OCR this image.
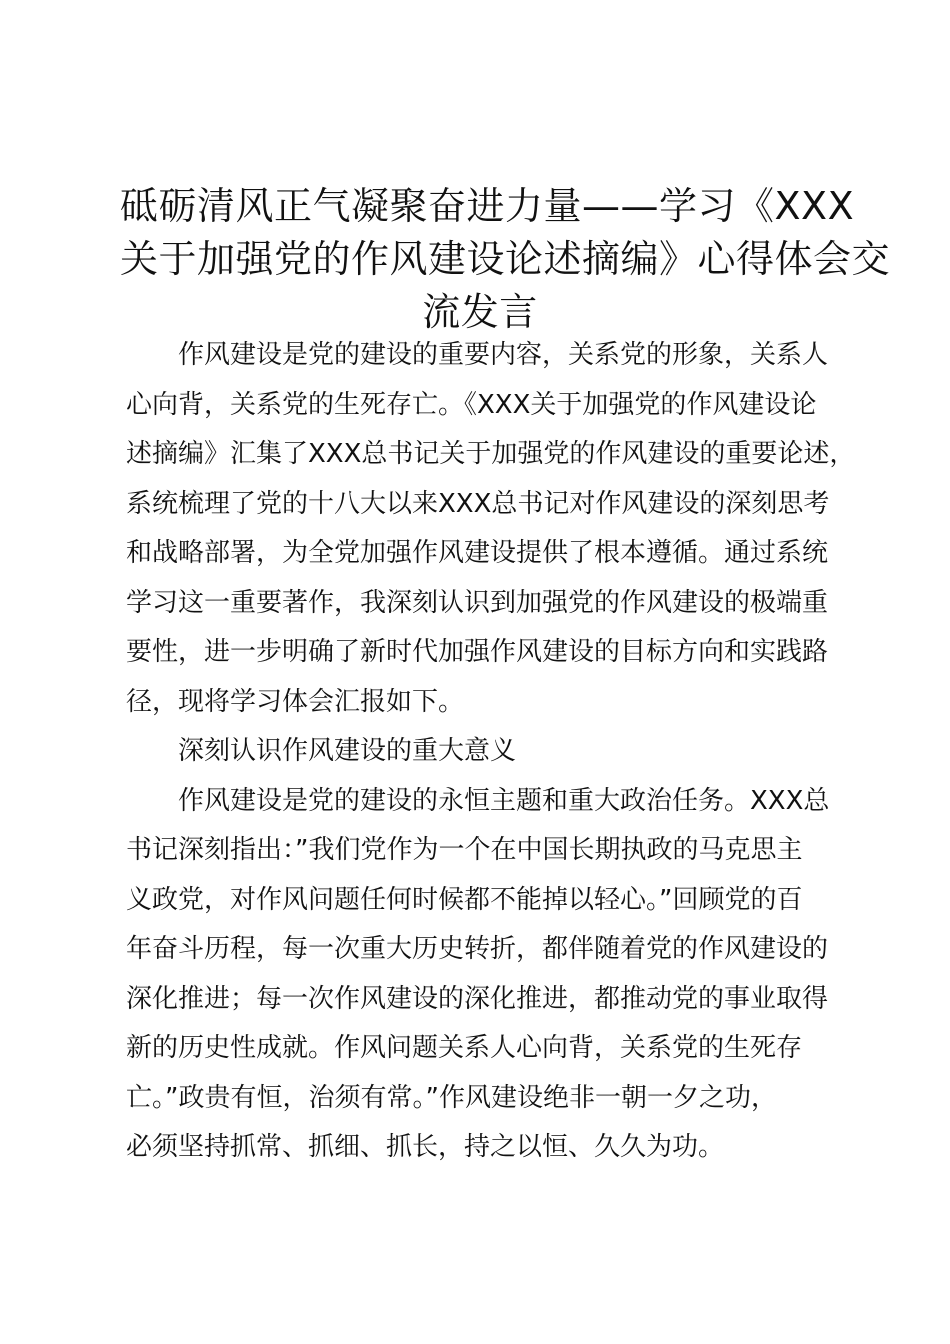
砥砺清风正气凝聚奋进力量——学习《XXX
关于加强党的作风建设论述摘编》心得体会交
流发言
作风建设是党的建设的重要内容，关系党的形象，关系人
心向背，关系党的生死存亡。《XXX关于加强党的作风建设论
述摘编》汇集了XXX总书记关于加强党的作风建设的重要论述，
系统梳理了党的十八大以来XXX总书记对作风建设的深刻思考
和战略部署，为全党加强作风建设提供了根本遵循。通过系统
学习这一重要著作，我深刻认识到加强党的作风建设的极端重
要性，进一步明确了新时代加强作风建设的目标方向和实践路
径，现将学习体会汇报如下。
深刻认识作风建设的重大意义
作风建设是党的建设的永恒主题和重大政治任务。XXX总
书记深刻指出：”我们党作为一个在中国长期执政的马克思主
义政党，对作风问题任何时候都不能掉以轻心。”回顾党的百
年奋斗历程，每一次重大历史转折，都伴随着党的作风建设的
深化推进；每一次作风建设的深化推进，都推动党的事业取得
新的历史性成就。作风问题关系人心向背，关系党的生死存
亡。”政贵有恒，治须有常。”作风建设绝非一朝一夕之功，
必须坚持抓常、抓细、抓长，持之以恒、久久为功。
